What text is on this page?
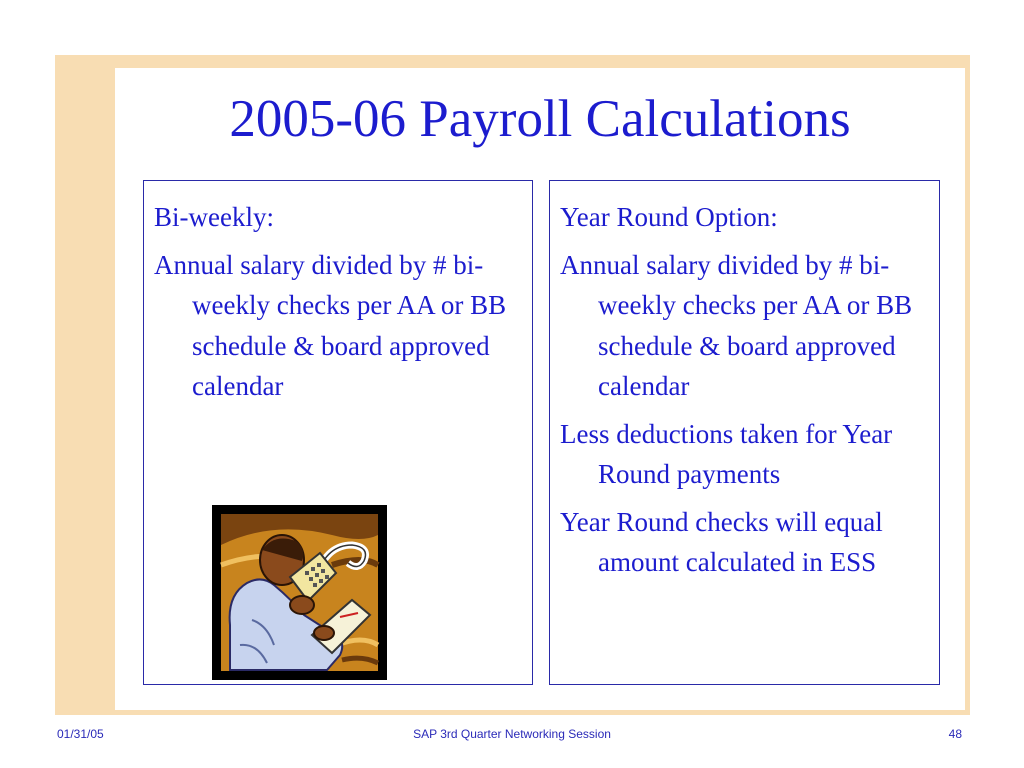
2005-06 Payroll Calculations
Bi-weekly:
Annual salary divided by # bi-weekly checks per AA or BB schedule & board approved calendar
Year Round Option:
Annual salary divided by # bi-weekly checks per AA or BB schedule & board approved calendar
Less deductions taken for Year Round payments
Year Round checks will equal amount calculated in ESS
01/31/05	SAP 3rd Quarter Networking Session	48
